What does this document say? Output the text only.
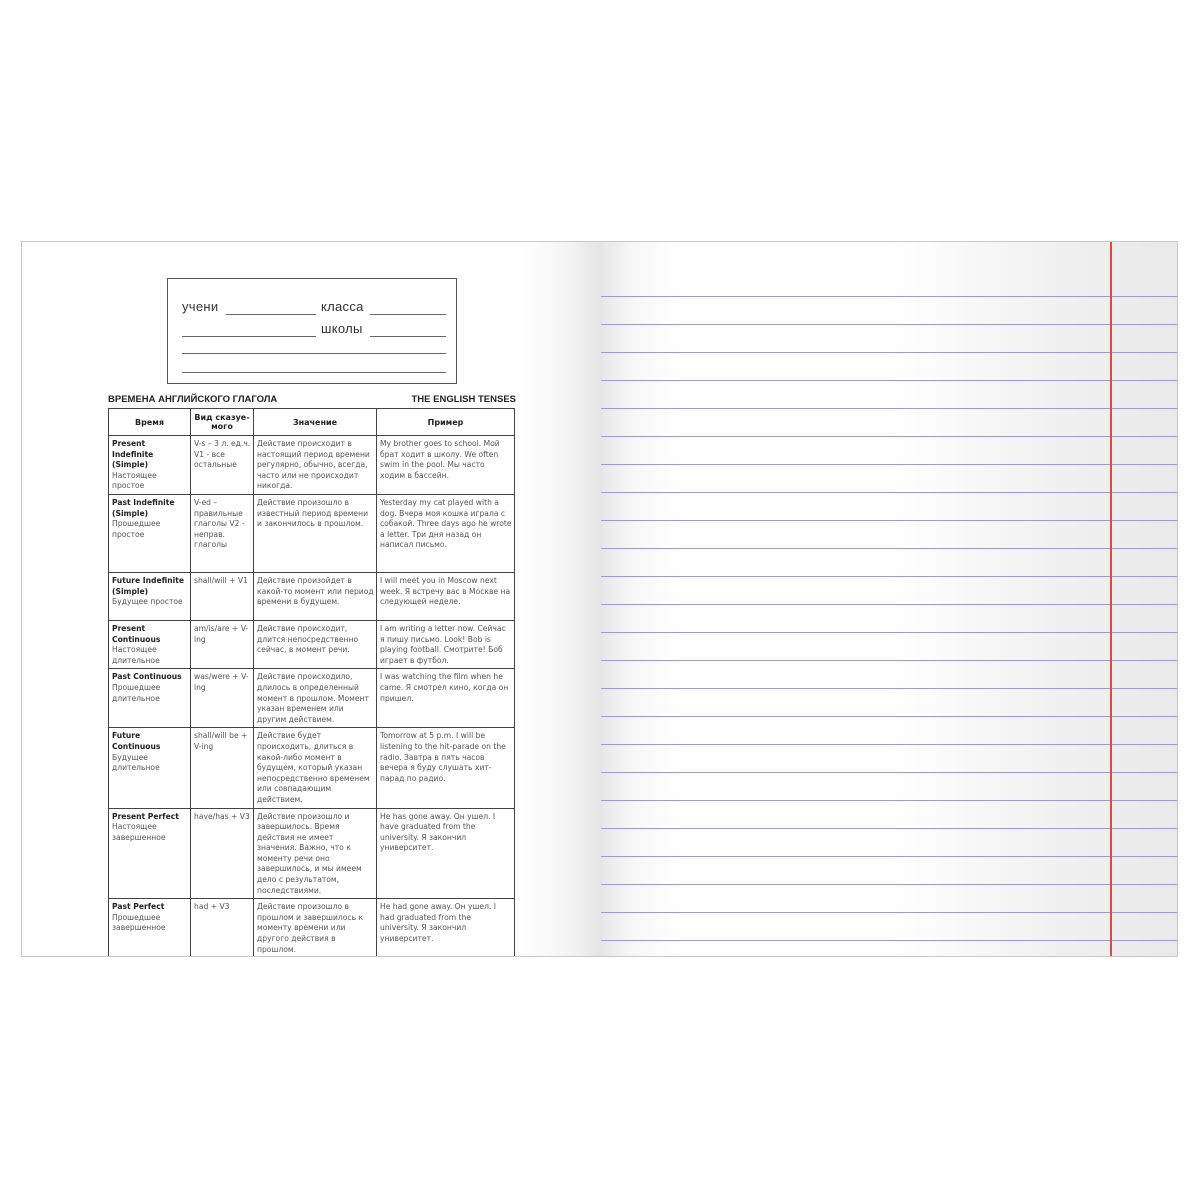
учени	класса
школы
ВРЕМЕНА АНГЛИЙСКОГО ГЛАГОЛА	THE ENGLISH TENSES
Время	Вид сказуе-мого	Значение	Пример

Present Indefinite (Simple)
Настоящее простое	V-s – 3 л. ед.ч. V1 - все остальные	Действие происходит в настоящий период времени регулярно, обычно, всегда, часто или не происходит никогда.	My brother goes to school. Мой брат ходит в школу. We often swim in the pool. Мы часто ходим в бассейн.

Past Indefinite (Simple)
Прошедшее простое	V-ed – правильные глаголы V2 - неправ. глаголы	Действие произошло в известный период времени и закончилось в прошлом.	Yesterday my cat played with a dog. Вчера моя кошка играла с собакой. Three days ago he wrote a letter. Три дня назад он написал письмо.

Future Indefinite (Simple)
Будущее простое	shall/will + V1	Действие произойдет в какой-то момент или период времени в будущем.	I will meet you in Moscow next week. Я встречу вас в Москве на следующей неделе.

Present Continuous
Настоящее длительное	am/is/are + V-ing	Действие происходит, длится непосредственно сейчас, в момент речи.	I am writing a letter now. Сейчас я пишу письмо. Look! Bob is playing football. Смотрите! Боб играет в футбол.

Past Continuous
Прошедшее длительное	was/were + V-ing	Действие происходило, длилось в определенный момент в прошлом. Момент указан временем или другим действием.	I was watching the film when he came. Я смотрел кино, когда он пришел.

Future Continuous
Будущее длительное	shall/will be + V-ing	Действие будет происходить, длиться в какой-либо момент в будущем, который указан непосредственно временем или совпадающим действием.	Tomorrow at 5 p.m. I will be listening to the hit-parade on the radio. Завтра в пять часов вечера я буду слушать хит-парад по радио.

Present Perfect
Настоящее завершенное	have/has + V3	Действие произошло и завершилось. Время действия не имеет значения. Важно, что к моменту речи оно завершилось, и мы имеем дело с результатом, последствиями.	He has gone away. Он ушел. I have graduated from the university. Я закончил университет.

Past Perfect
Прошедшее завершенное	had + V3	Действие произошло в прошлом и завершилось к моменту времени или другого действия в прошлом.	He had gone away. Он ушел. I had graduated from the university. Я закончил университет.
